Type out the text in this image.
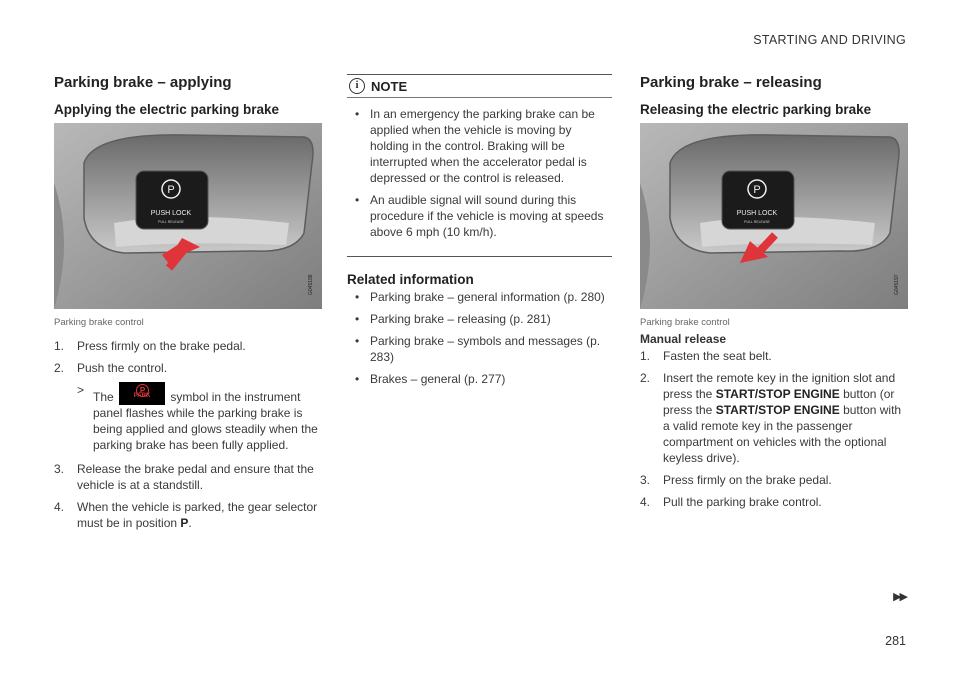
STARTING AND DRIVING
Parking brake – applying
Applying the electric parking brake
P
PUSH LOCK
PULL RELEASE
G045198
Parking brake control
1. Press firmly on the brake pedal.
2. Push the control.
> The	P
PARK	symbol in the instrument panel flashes while the parking brake is being applied and glows steadily when the parking brake has been fully applied.
3. Release the brake pedal and ensure that the vehicle is at a standstill.
4. When the vehicle is parked, the gear selector must be in position P.
i NOTE
• In an emergency the parking brake can be applied when the vehicle is moving by holding in the control. Braking will be interrupted when the accelerator pedal is depressed or the control is released.
• An audible signal will sound during this procedure if the vehicle is moving at speeds above 6 mph (10 km/h).
Related information
• Parking brake – general information (p. 280)
• Parking brake – releasing (p. 281)
• Parking brake – symbols and messages (p. 283)
• Brakes – general (p. 277)
Parking brake – releasing
Releasing the electric parking brake
P
PUSH LOCK
PULL RELEASE
G045197
Parking brake control
Manual release
1. Fasten the seat belt.
2. Insert the remote key in the ignition slot and press the START/STOP ENGINE button (or press the START/STOP ENGINE button with a valid remote key in the passenger compartment on vehicles with the optional keyless drive).
3. Press firmly on the brake pedal.
4. Pull the parking brake control.
▶▶
281
